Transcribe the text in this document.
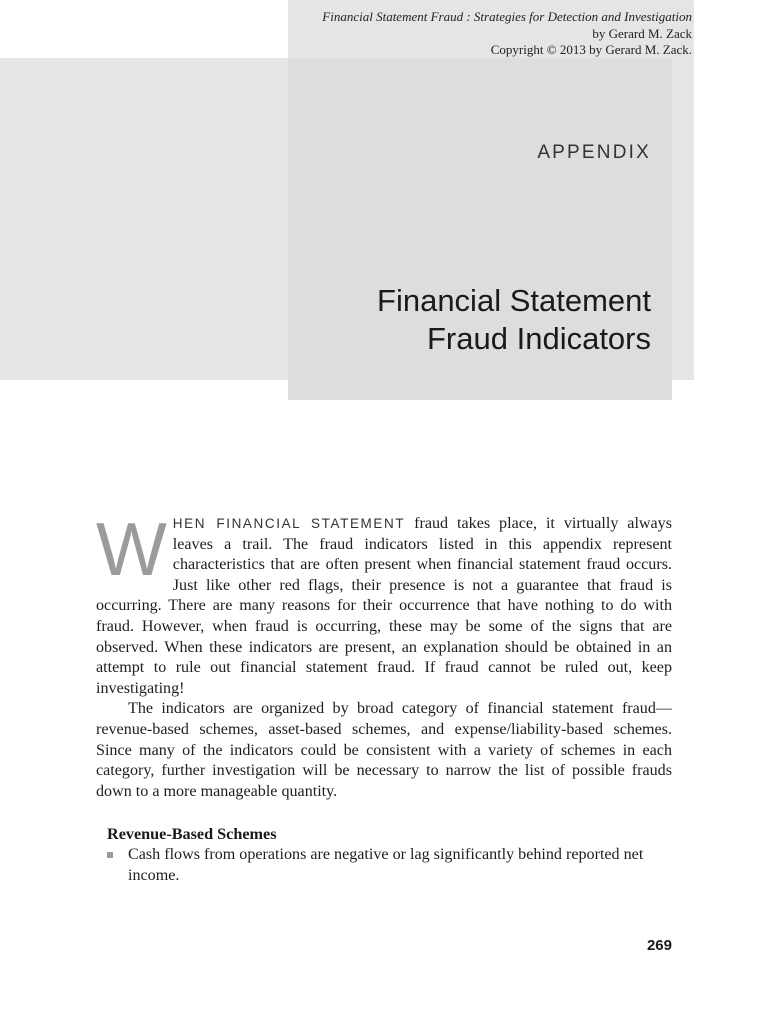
Financial Statement Fraud : Strategies for Detection and Investigation
by Gerard M. Zack
Copyright © 2013 by Gerard M. Zack.
APPENDIX
Financial Statement
Fraud Indicators

WHEN FINANCIAL STATEMENT fraud takes place, it virtually always leaves a trail. The fraud indicators listed in this appendix represent characteristics that are often present when financial statement fraud occurs. Just like other red flags, their presence is not a guarantee that fraud is occurring. There are many reasons for their occurrence that have nothing to do with fraud. However, when fraud is occurring, these may be some of the signs that are observed. When these indicators are present, an explanation should be obtained in an attempt to rule out financial statement fraud. If fraud cannot be ruled out, keep investigating!

The indicators are organized by broad category of financial statement fraud—revenue-based schemes, asset-based schemes, and expense/liability-based schemes. Since many of the indicators could be consistent with a variety of schemes in each category, further investigation will be necessary to narrow the list of possible frauds down to a more manageable quantity.

Revenue-Based Schemes
Cash flows from operations are negative or lag significantly behind reported net income.
269
